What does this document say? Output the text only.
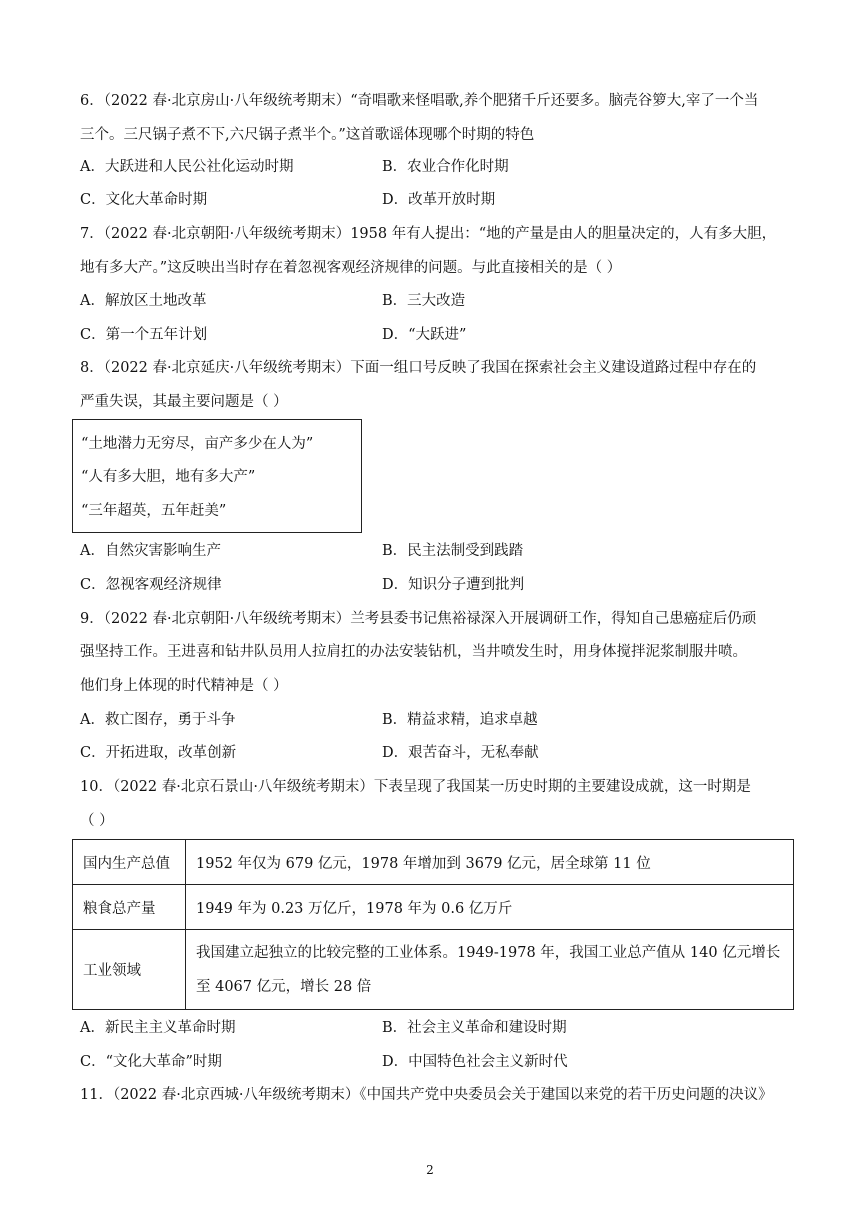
6．（2022 春·北京房山·八年级统考期末）“奇唱歌来怪唱歌,养个肥猪千斤还要多。脑壳谷箩大,宰了一个当
三个。三尺锅子煮不下,六尺锅子煮半个。”这首歌谣体现哪个时期的特色
A．大跃进和人民公社化运动时期	B．农业合作化时期
C．文化大革命时期	D．改革开放时期
7．（2022 春·北京朝阳·八年级统考期末）1958 年有人提出：“地的产量是由人的胆量决定的，人有多大胆，
地有多大产。”这反映出当时存在着忽视客观经济规律的问题。与此直接相关的是（ ）
A．解放区土地改革	B．三大改造
C．第一个五年计划	D．“大跃进”
8．（2022 春·北京延庆·八年级统考期末）下面一组口号反映了我国在探索社会主义建设道路过程中存在的
严重失误，其最主要问题是（ ）
“土地潜力无穷尽，亩产多少在人为”
“人有多大胆，地有多大产”
“三年超英，五年赶美”
A．自然灾害影响生产	B．民主法制受到践踏
C．忽视客观经济规律	D．知识分子遭到批判
9．（2022 春·北京朝阳·八年级统考期末）兰考县委书记焦裕禄深入开展调研工作，得知自己患癌症后仍顽
强坚持工作。王进喜和钻井队员用人拉肩扛的办法安装钻机，当井喷发生时，用身体搅拌泥浆制服井喷。
他们身上体现的时代精神是（ ）
A．救亡图存，勇于斗争	B．精益求精，追求卓越
C．开拓进取，改革创新	D．艰苦奋斗，无私奉献
10．（2022 春·北京石景山·八年级统考期末）下表呈现了我国某一历史时期的主要建设成就，这一时期是
（ ）
国内生产总值	1952 年仅为 679 亿元，1978 年增加到 3679 亿元，居全球第 11 位
粮食总产量	1949 年为 0.23 万亿斤，1978 年为 0.6 亿万斤
工业领域	我国建立起独立的比较完整的工业体系。1949-1978 年，我国工业总产值从 140 亿元增长
至 4067 亿元，增长 28 倍
A．新民主主义革命时期	B．社会主义革命和建设时期
C．“文化大革命”时期	D．中国特色社会主义新时代
11．（2022 春·北京西城·八年级统考期末）《中国共产党中央委员会关于建国以来党的若干历史问题的决议》
2
